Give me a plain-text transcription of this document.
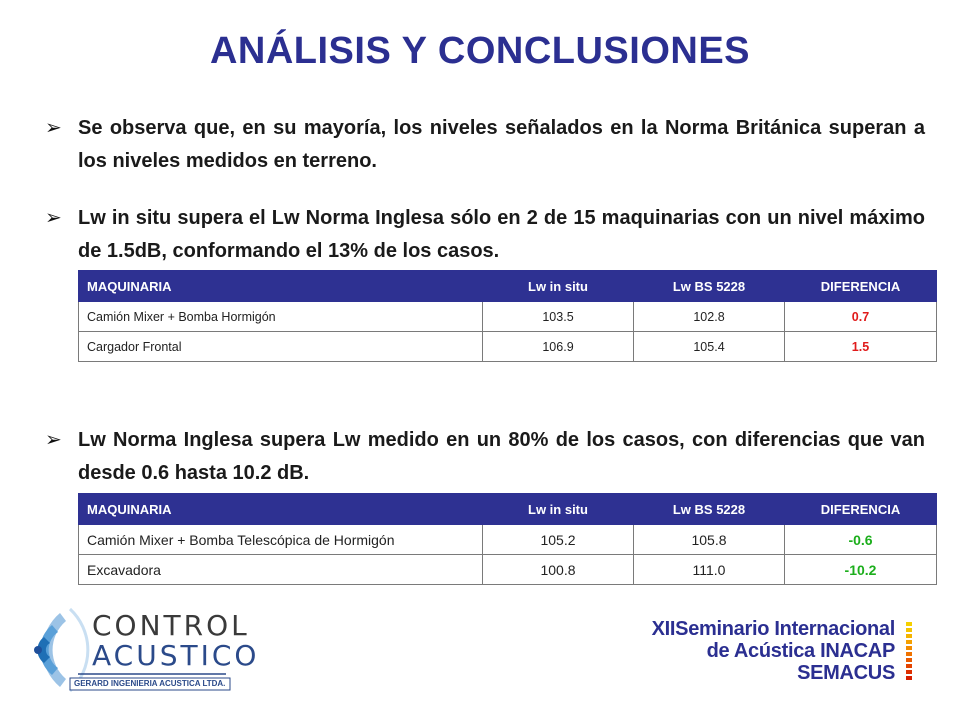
ANÁLISIS Y CONCLUSIONES
➢ Se observa que, en su mayoría, los niveles señalados en la Norma Británica superan a los niveles medidos en terreno.
➢ Lw in situ supera el Lw Norma Inglesa sólo en 2 de 15 maquinarias con un nivel máximo de 1.5dB, conformando el 13% de los casos.
MAQUINARIA	Lw in situ	Lw BS 5228	DIFERENCIA
Camión Mixer + Bomba Hormigón	103.5	102.8	0.7
Cargador Frontal	106.9	105.4	1.5
➢ Lw Norma Inglesa supera Lw medido en un 80% de los casos, con diferencias que van desde 0.6 hasta 10.2 dB.
MAQUINARIA	Lw in situ	Lw BS 5228	DIFERENCIA
Camión Mixer + Bomba Telescópica de Hormigón	105.2	105.8	-0.6
Excavadora	100.8	111.0	-10.2
CONTROL
ACUSTICO
GERARD INGENIERIA ACUSTICA LTDA.
XIISeminario Internacional
de Acústica INACAP
SEMACUS
